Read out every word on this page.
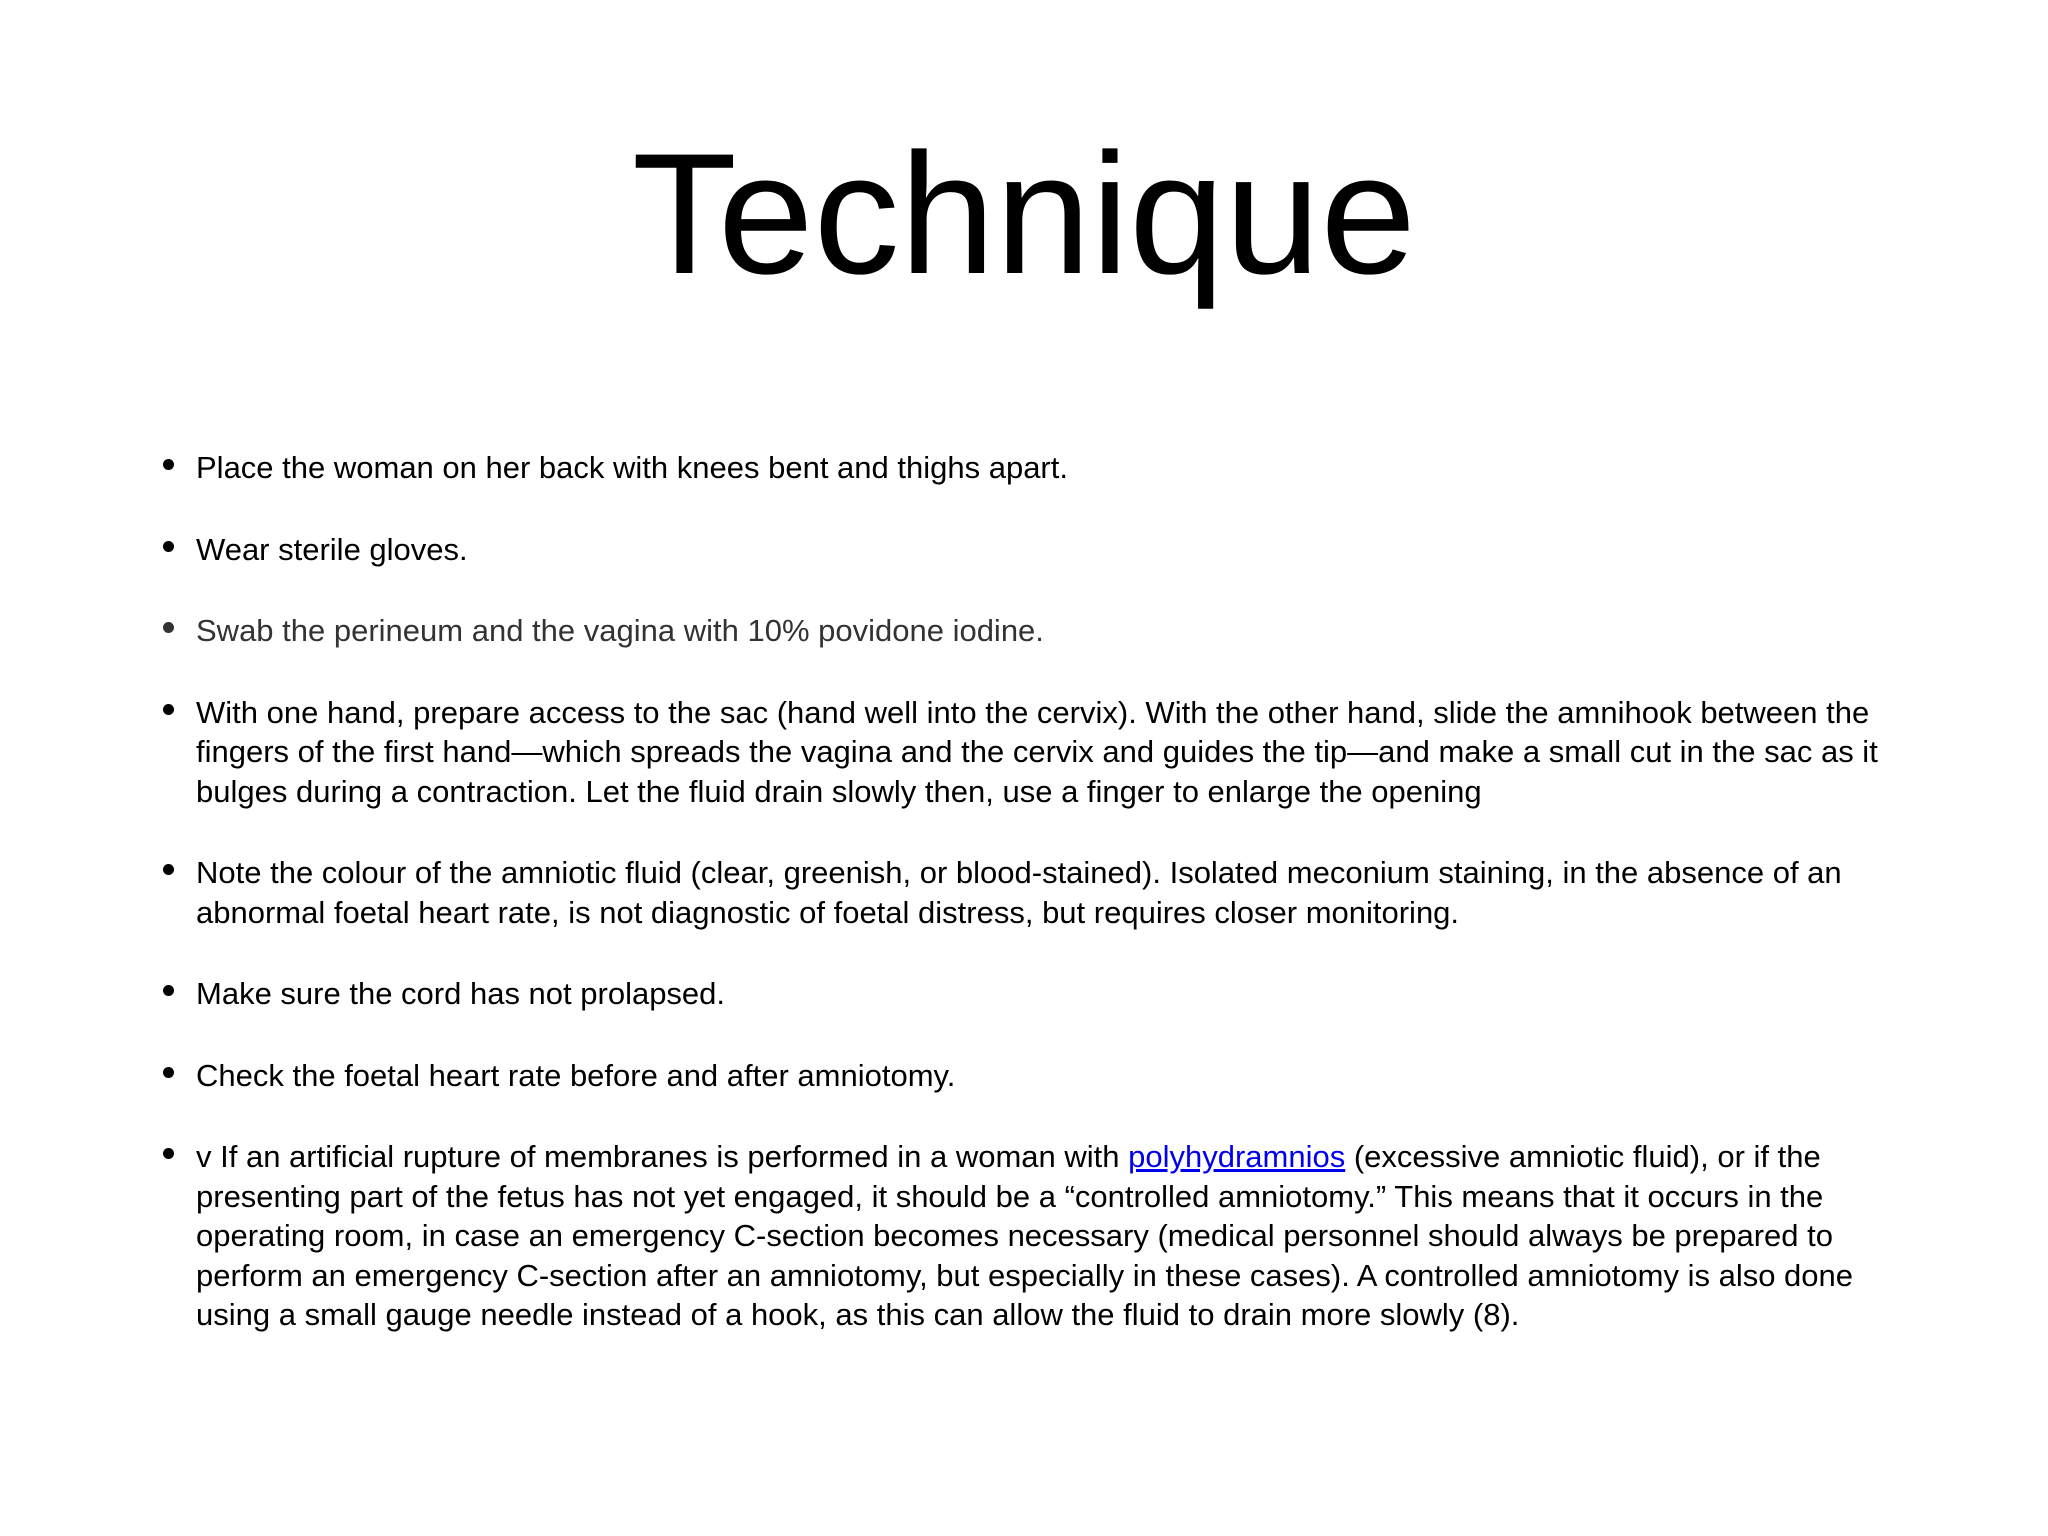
Technique
Place the woman on her back with knees bent and thighs apart.
Wear sterile gloves.
Swab the perineum and the vagina with 10% povidone iodine.
With one hand, prepare access to the sac (hand well into the cervix). With the other hand, slide the amnihook between the fingers of the first hand—which spreads the vagina and the cervix and guides the tip—and make a small cut in the sac as it bulges during a contraction. Let the fluid drain slowly then, use a finger to enlarge the opening
Note the colour of the amniotic fluid (clear, greenish, or blood-stained). Isolated meconium staining, in the absence of an abnormal foetal heart rate, is not diagnostic of foetal distress, but requires closer monitoring.
Make sure the cord has not prolapsed.
Check the foetal heart rate before and after amniotomy.
v If an artificial rupture of membranes is performed in a woman with polyhydramnios (excessive amniotic fluid), or if the presenting part of the fetus has not yet engaged, it should be a “controlled amniotomy.” This means that it occurs in the operating room, in case an emergency C-section becomes necessary (medical personnel should always be prepared to perform an emergency C-section after an amniotomy, but especially in these cases). A controlled amniotomy is also done using a small gauge needle instead of a hook, as this can allow the fluid to drain more slowly (8).
